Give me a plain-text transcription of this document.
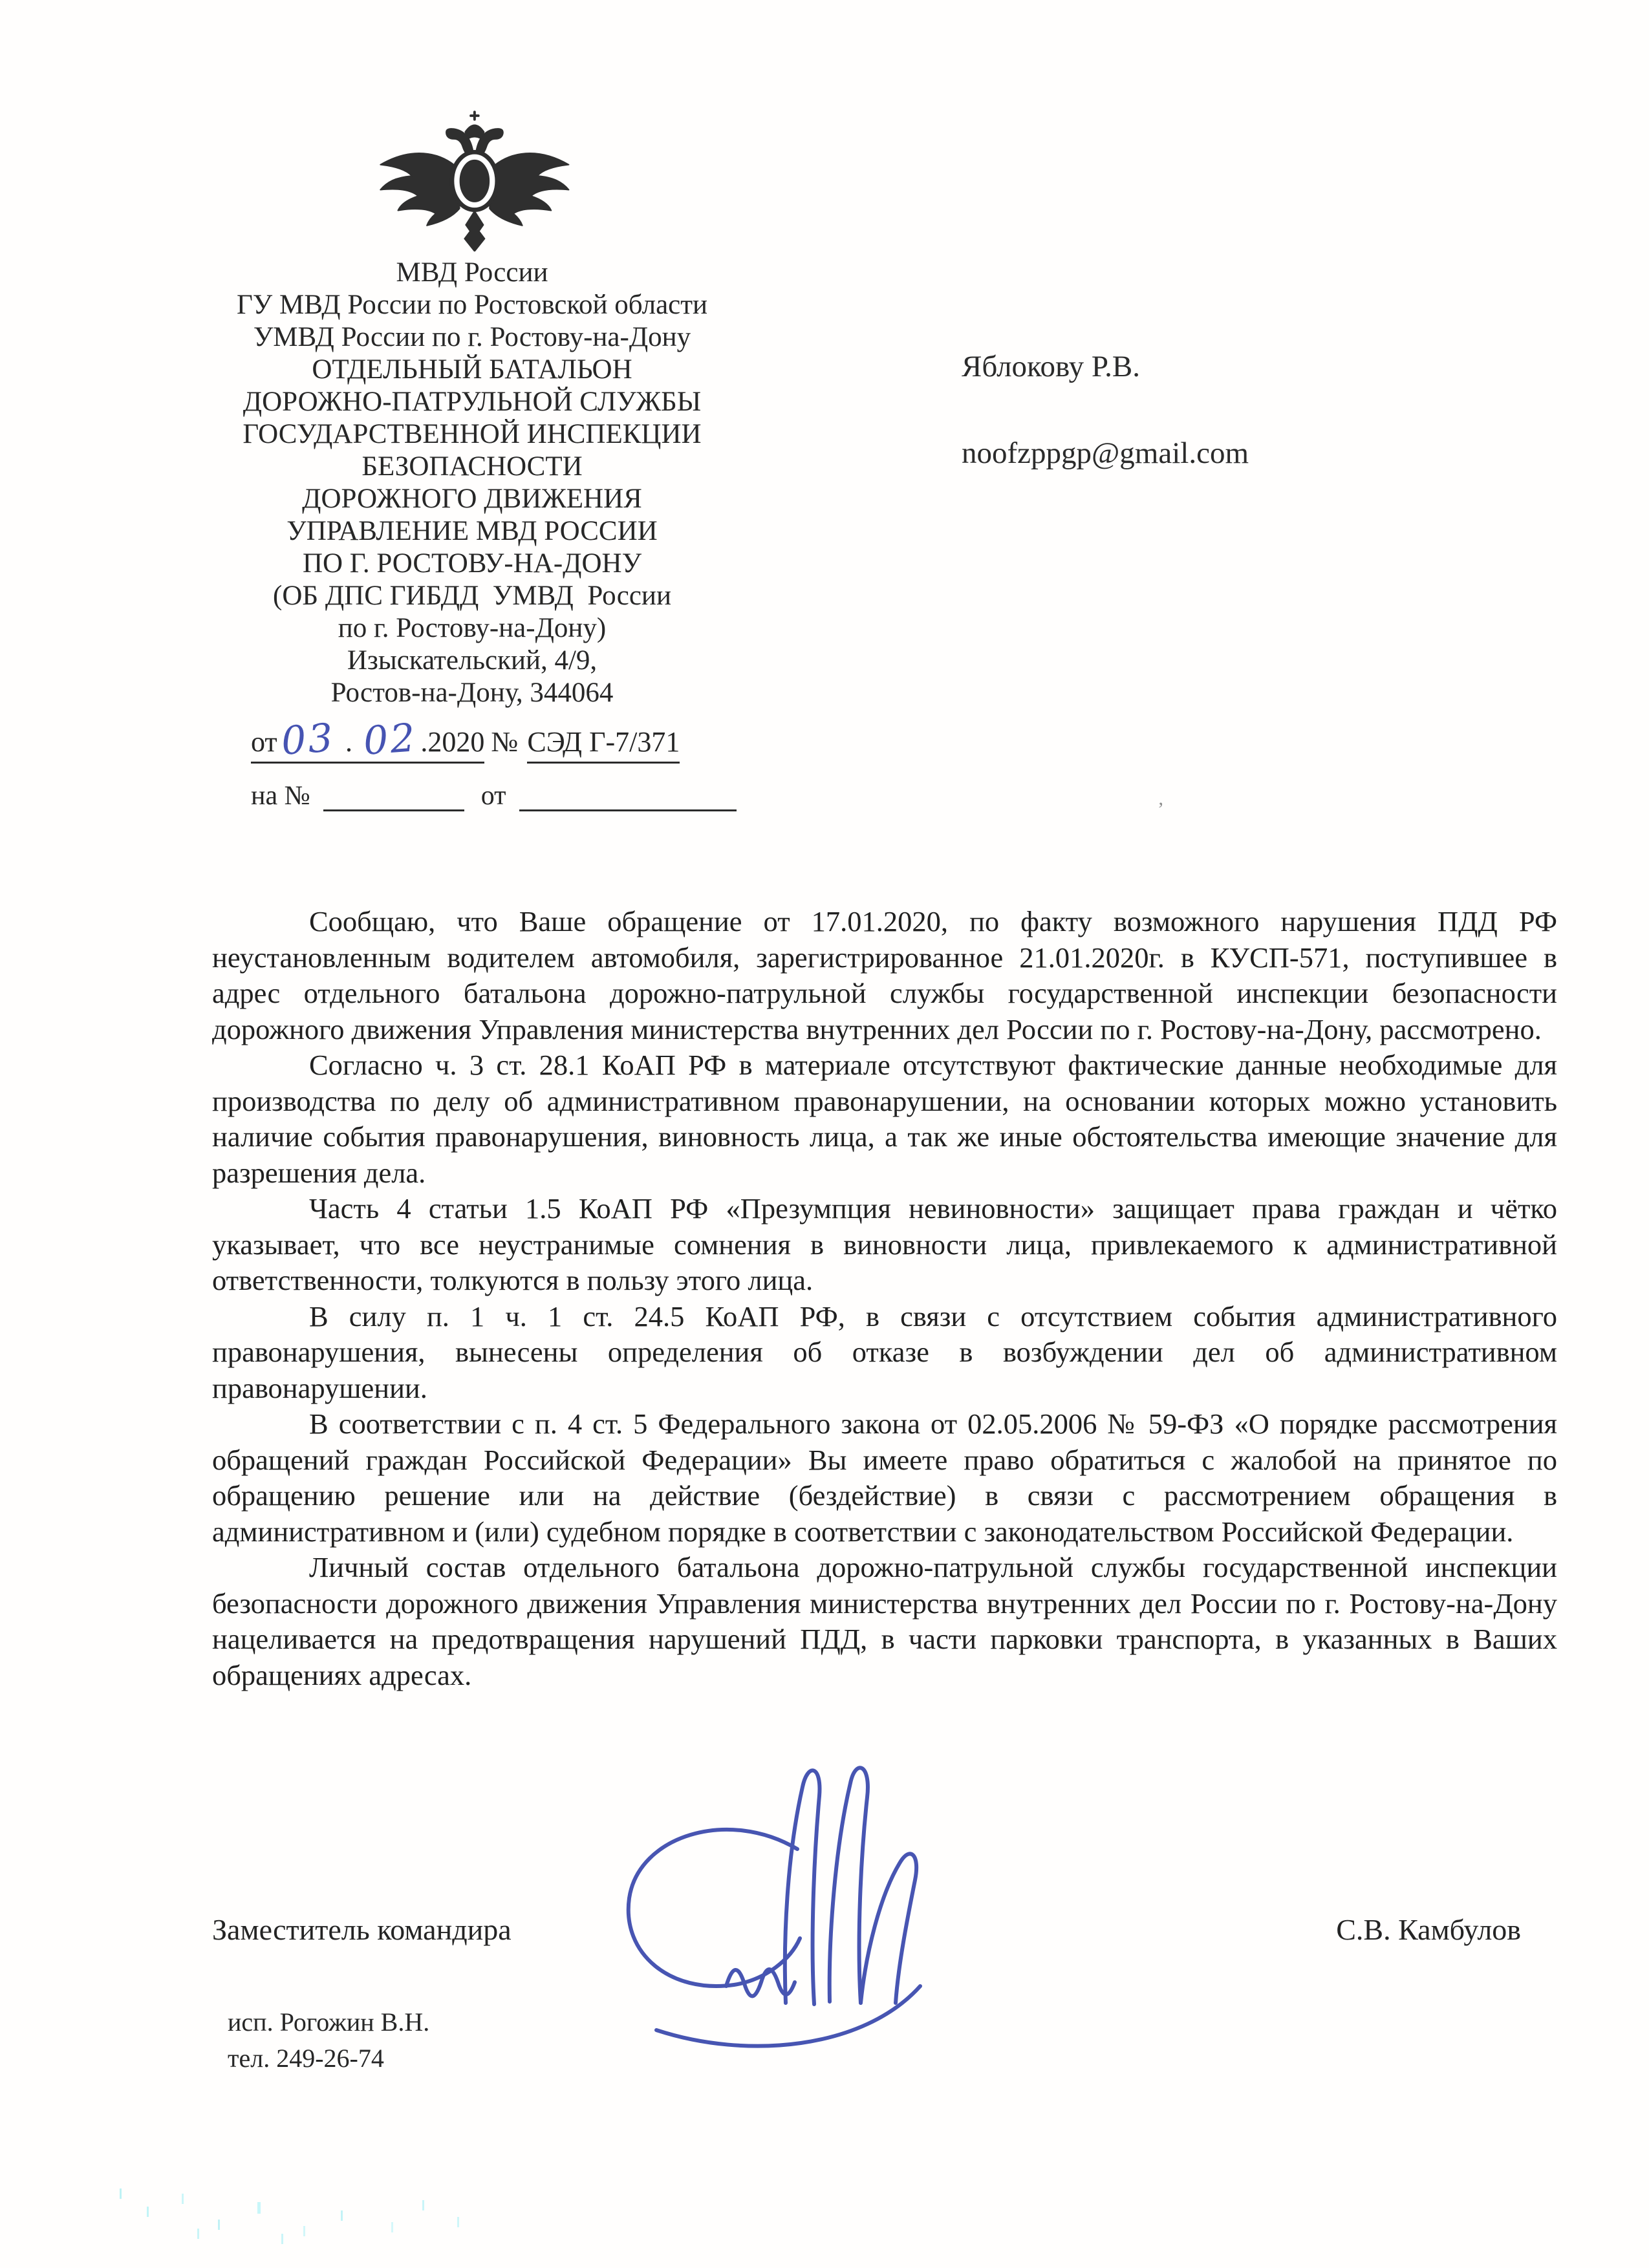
МВД России
ГУ МВД России по Ростовской области
УМВД России по г. Ростову-на-Дону
ОТДЕЛЬНЫЙ БАТАЛЬОН
ДОРОЖНО-ПАТРУЛЬНОЙ СЛУЖБЫ
ГОСУДАРСТВЕННОЙ ИНСПЕКЦИИ
БЕЗОПАСНОСТИ
ДОРОЖНОГО ДВИЖЕНИЯ
УПРАВЛЕНИЕ МВД РОССИИ
ПО Г. РОСТОВУ-НА-ДОНУ
(ОБ ДПС ГИБДД  УМВД  России
по г. Ростову-на-Дону)
Изыскательский, 4/9,
Ростов-на-Дону, 344064
Яблокову Р.В.
noofzppgp@gmail.com
от03 . 02.2020 № СЭД Г-7/371
на №	от

Сообщаю, что Ваше обращение от 17.01.2020, по факту возможного нарушения ПДД РФ неустановленным водителем автомобиля, зарегистрированное 21.01.2020г. в КУСП-571, поступившее в адрес отдельного батальона дорожно-патрульной службы государственной инспекции безопасности дорожного движения Управления министерства внутренних дел России по г. Ростову-на-Дону, рассмотрено.

Согласно ч. 3 ст. 28.1 КоАП РФ в материале отсутствуют фактические данные необходимые для производства по делу об административном правонарушении, на основании которых можно установить наличие события правонарушения, виновность лица, а так же иные обстоятельства имеющие значение для разрешения дела.

Часть 4 статьи 1.5 КоАП РФ «Презумпция невиновности» защищает права граждан и чётко указывает, что все неустранимые сомнения в виновности лица, привлекаемого к административной ответственности, толкуются в пользу этого лица.

В силу п. 1 ч. 1 ст. 24.5 КоАП РФ, в связи с отсутствием события административного правонарушения, вынесены определения об отказе в возбуждении дел об административном правонарушении.

В соответствии с п. 4 ст. 5 Федерального закона от 02.05.2006 № 59-ФЗ «О порядке рассмотрения обращений граждан Российской Федерации» Вы имеете право обратиться с жалобой на принятое по обращению решение или на действие (бездействие) в связи с рассмотрением обращения в административном и (или) судебном порядке в соответствии с законодательством Российской Федерации.

Личный состав отдельного батальона дорожно-патрульной службы государственной инспекции безопасности дорожного движения Управления министерства внутренних дел России по г. Ростову-на-Дону нацеливается на предотвращения нарушений ПДД, в части парковки транспорта, в указанных в Ваших обращениях адресах.

Заместитель командира	С.В. Камбулов
исп. Рогожин В.Н.
тел. 249-26-74
’
